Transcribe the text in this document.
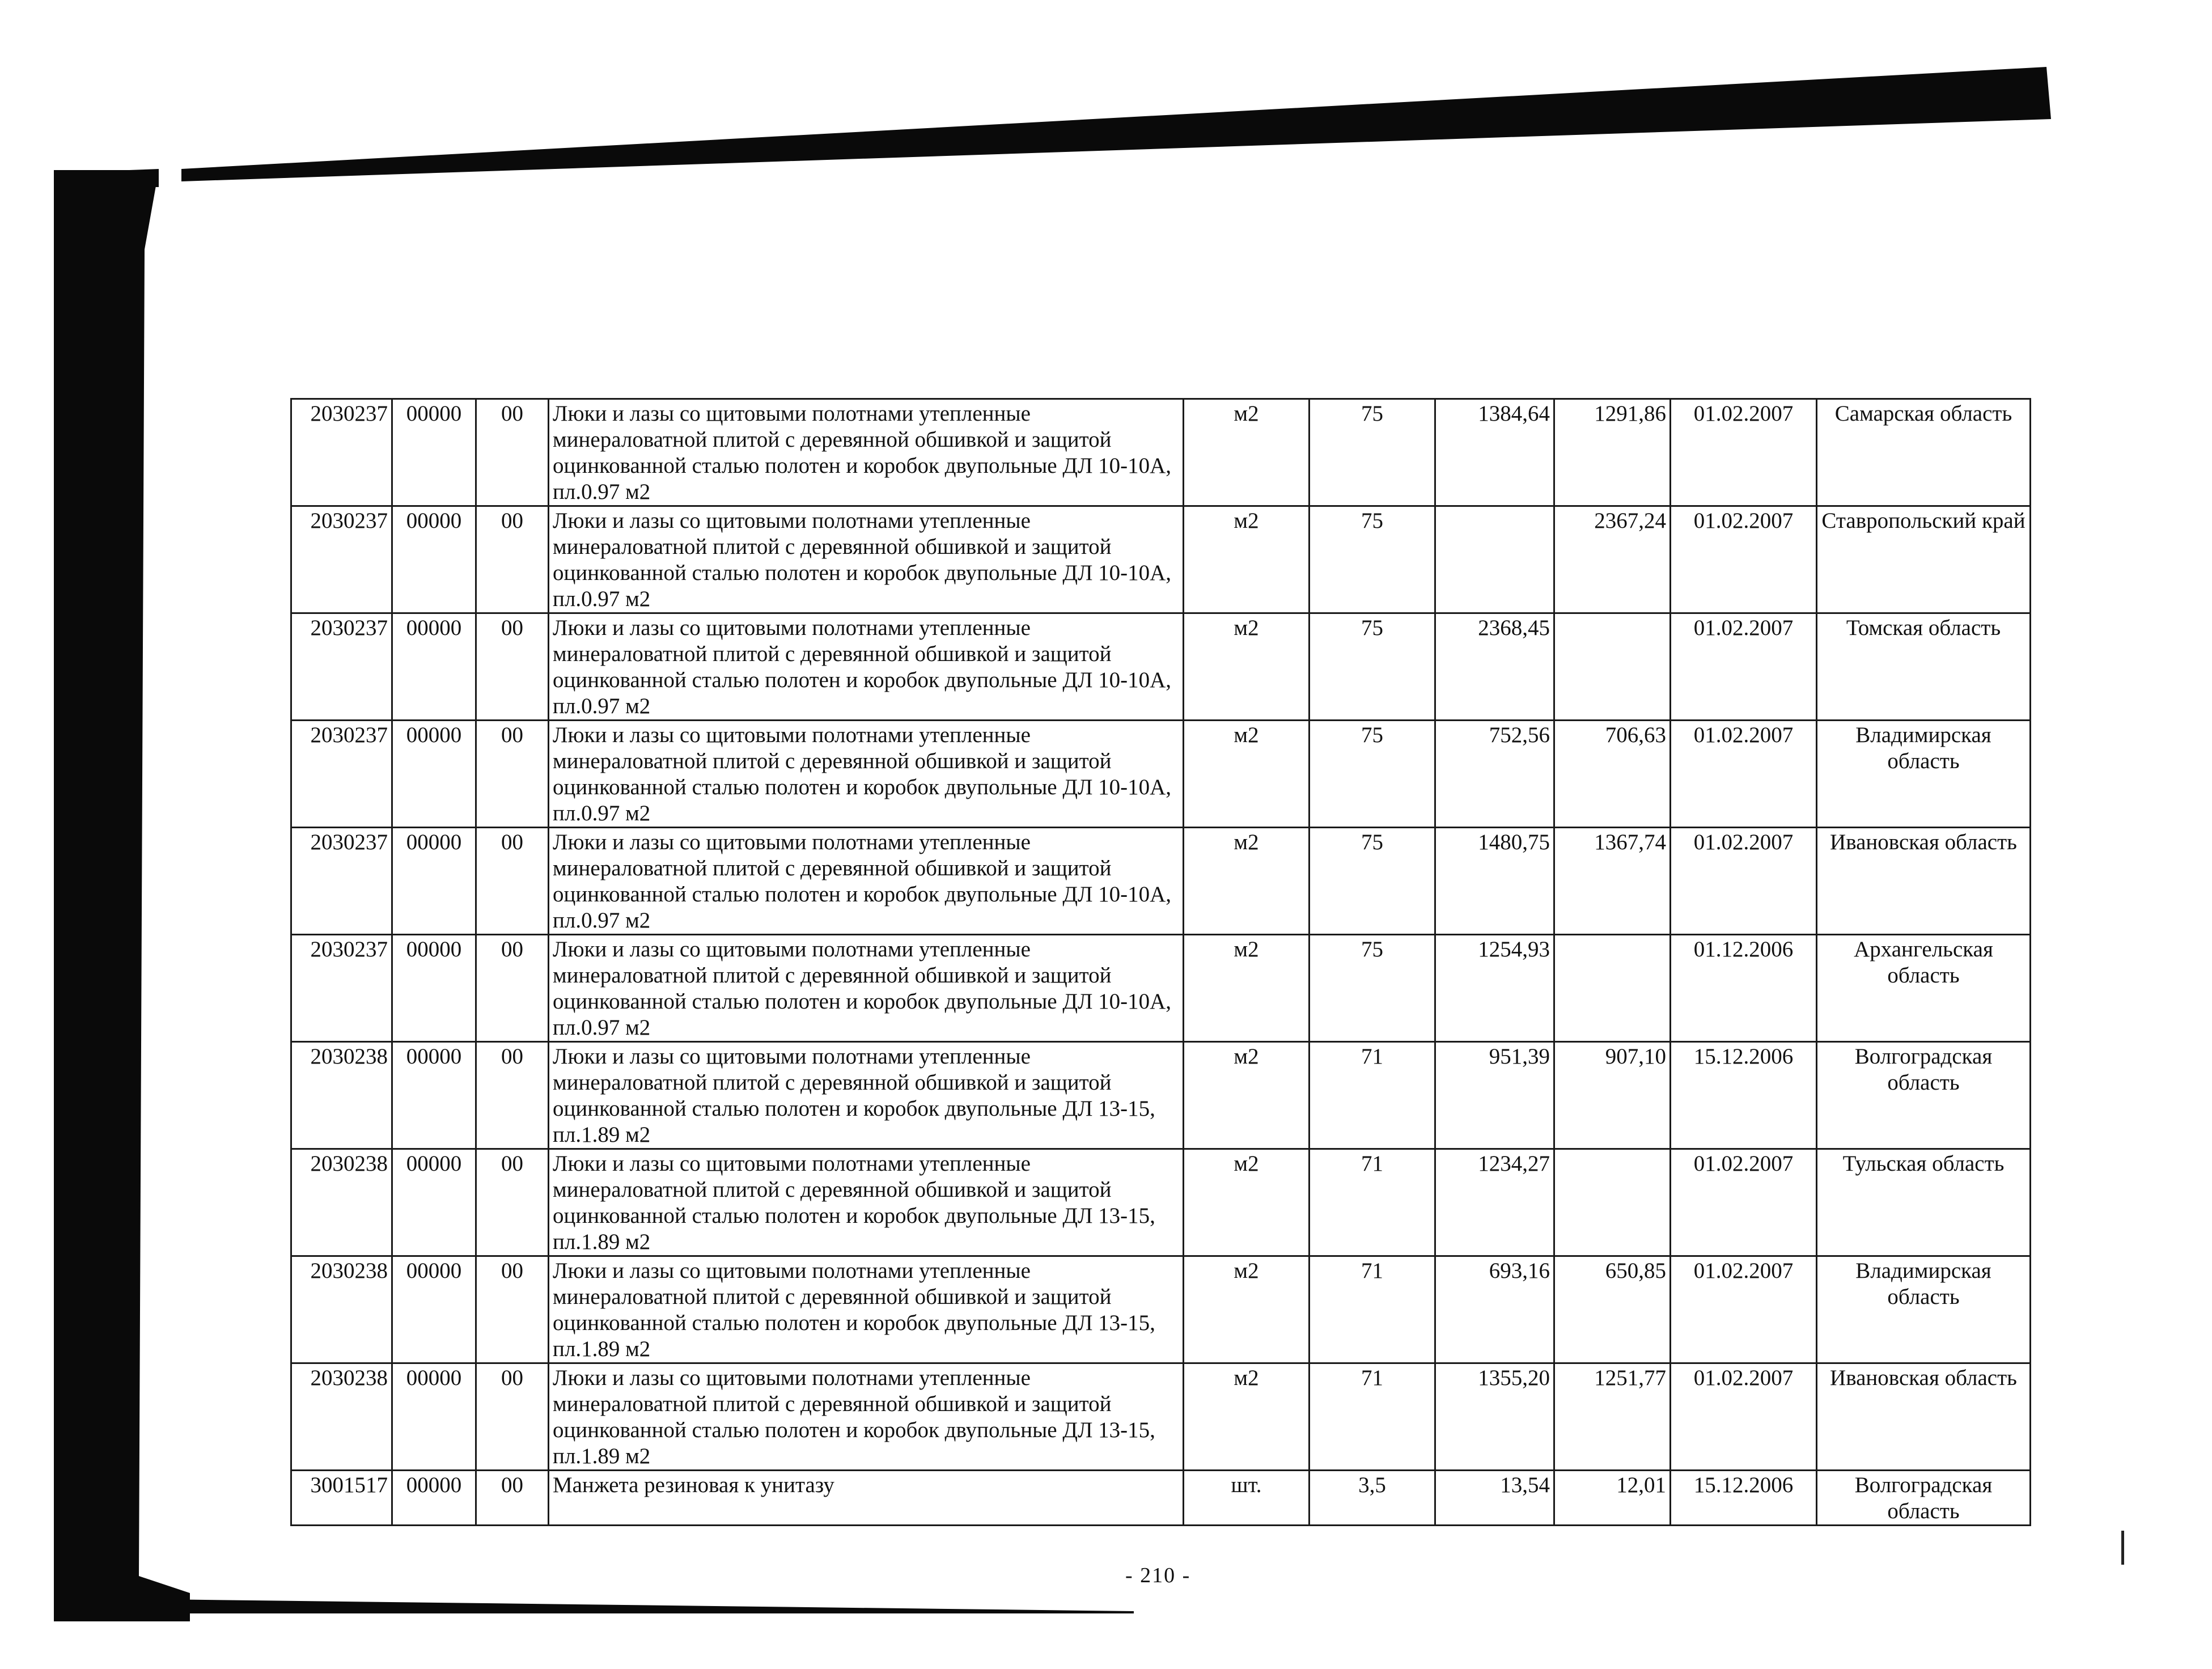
2030237	00000	00	Люки и лазы со щитовыми полотнами утепленные минераловатной плитой с деревянной обшивкой и защитой оцинкованной сталью полотен и коробок двупольные ДЛ 10-10А, пл.0.97 м2	м2	75	1384,64	1291,86	01.02.2007	Самарская область
2030237	00000	00	Люки и лазы со щитовыми полотнами утепленные минераловатной плитой с деревянной обшивкой и защитой оцинкованной сталью полотен и коробок двупольные ДЛ 10-10А, пл.0.97 м2	м2	75		2367,24	01.02.2007	Ставропольский край
2030237	00000	00	Люки и лазы со щитовыми полотнами утепленные минераловатной плитой с деревянной обшивкой и защитой оцинкованной сталью полотен и коробок двупольные ДЛ 10-10А, пл.0.97 м2	м2	75	2368,45		01.02.2007	Томская область
2030237	00000	00	Люки и лазы со щитовыми полотнами утепленные минераловатной плитой с деревянной обшивкой и защитой оцинкованной сталью полотен и коробок двупольные ДЛ 10-10А, пл.0.97 м2	м2	75	752,56	706,63	01.02.2007	Владимирская область
2030237	00000	00	Люки и лазы со щитовыми полотнами утепленные минераловатной плитой с деревянной обшивкой и защитой оцинкованной сталью полотен и коробок двупольные ДЛ 10-10А, пл.0.97 м2	м2	75	1480,75	1367,74	01.02.2007	Ивановская область
2030237	00000	00	Люки и лазы со щитовыми полотнами утепленные минераловатной плитой с деревянной обшивкой и защитой оцинкованной сталью полотен и коробок двупольные ДЛ 10-10А, пл.0.97 м2	м2	75	1254,93		01.12.2006	Архангельская область
2030238	00000	00	Люки и лазы со щитовыми полотнами утепленные минераловатной плитой с деревянной обшивкой и защитой оцинкованной сталью полотен и коробок двупольные ДЛ 13-15, пл.1.89 м2	м2	71	951,39	907,10	15.12.2006	Волгоградская область
2030238	00000	00	Люки и лазы со щитовыми полотнами утепленные минераловатной плитой с деревянной обшивкой и защитой оцинкованной сталью полотен и коробок двупольные ДЛ 13-15, пл.1.89 м2	м2	71	1234,27		01.02.2007	Тульская область
2030238	00000	00	Люки и лазы со щитовыми полотнами утепленные минераловатной плитой с деревянной обшивкой и защитой оцинкованной сталью полотен и коробок двупольные ДЛ 13-15, пл.1.89 м2	м2	71	693,16	650,85	01.02.2007	Владимирская область
2030238	00000	00	Люки и лазы со щитовыми полотнами утепленные минераловатной плитой с деревянной обшивкой и защитой оцинкованной сталью полотен и коробок двупольные ДЛ 13-15, пл.1.89 м2	м2	71	1355,20	1251,77	01.02.2007	Ивановская область
3001517	00000	00	Манжета резиновая к унитазу	шт.	3,5	13,54	12,01	15.12.2006	Волгоградская область
- 210 -
